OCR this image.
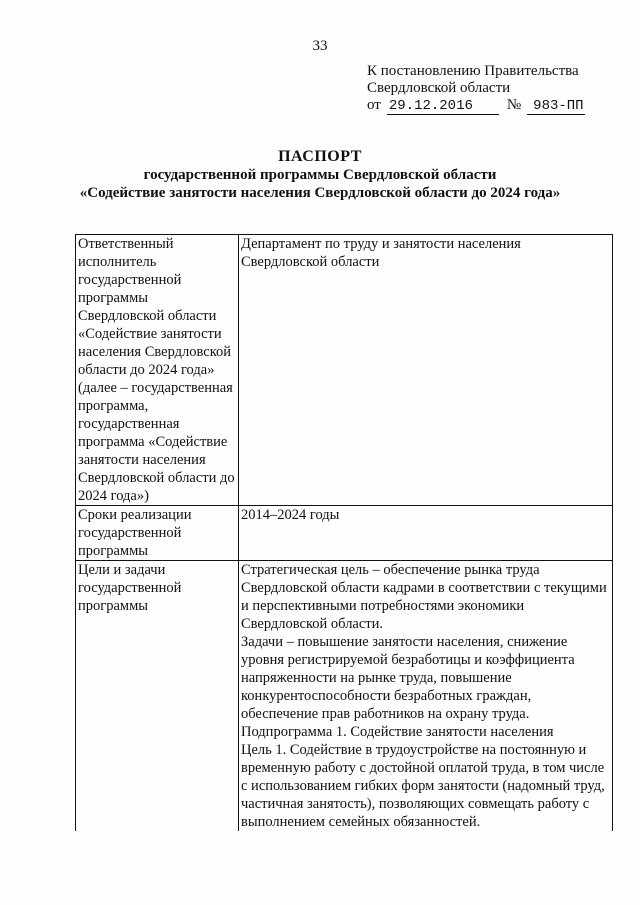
33
К постановлению Правительства
Свердловской области
от 29.12.2016	№ 983-ПП
ПАСПОРТ
государственной программы Свердловской области
«Содействие занятости населения Свердловской области до 2024 года»
Ответственный исполнитель государственной программы Свердловской области «Содействие занятости населения Свердловской области до 2024 года» (далее – государственная программа, государственная программа «Содействие занятости населения Свердловской области до 2024 года»)	Департамент по труду и занятости населения Свердловской области

Сроки реализации государственной программы	2014–2024 годы

Цели и задачи государственной программы	Стратегическая цель – обеспечение рынка труда Свердловской области кадрами в соответствии с текущими и перспективными потребностями экономики Свердловской области.
Задачи – повышение занятости населения, снижение уровня регистрируемой безработицы и коэффициента напряженности на рынке труда, повышение конкурентоспособности безработных граждан, обеспечение прав работников на охрану труда.
Подпрограмма 1. Содействие занятости населения
Цель 1. Содействие в трудоустройстве на постоянную и временную работу с достойной оплатой труда, в том числе с использованием гибких форм занятости (надомный труд, частичная занятость), позволяющих совмещать работу с выполнением семейных обязанностей.
